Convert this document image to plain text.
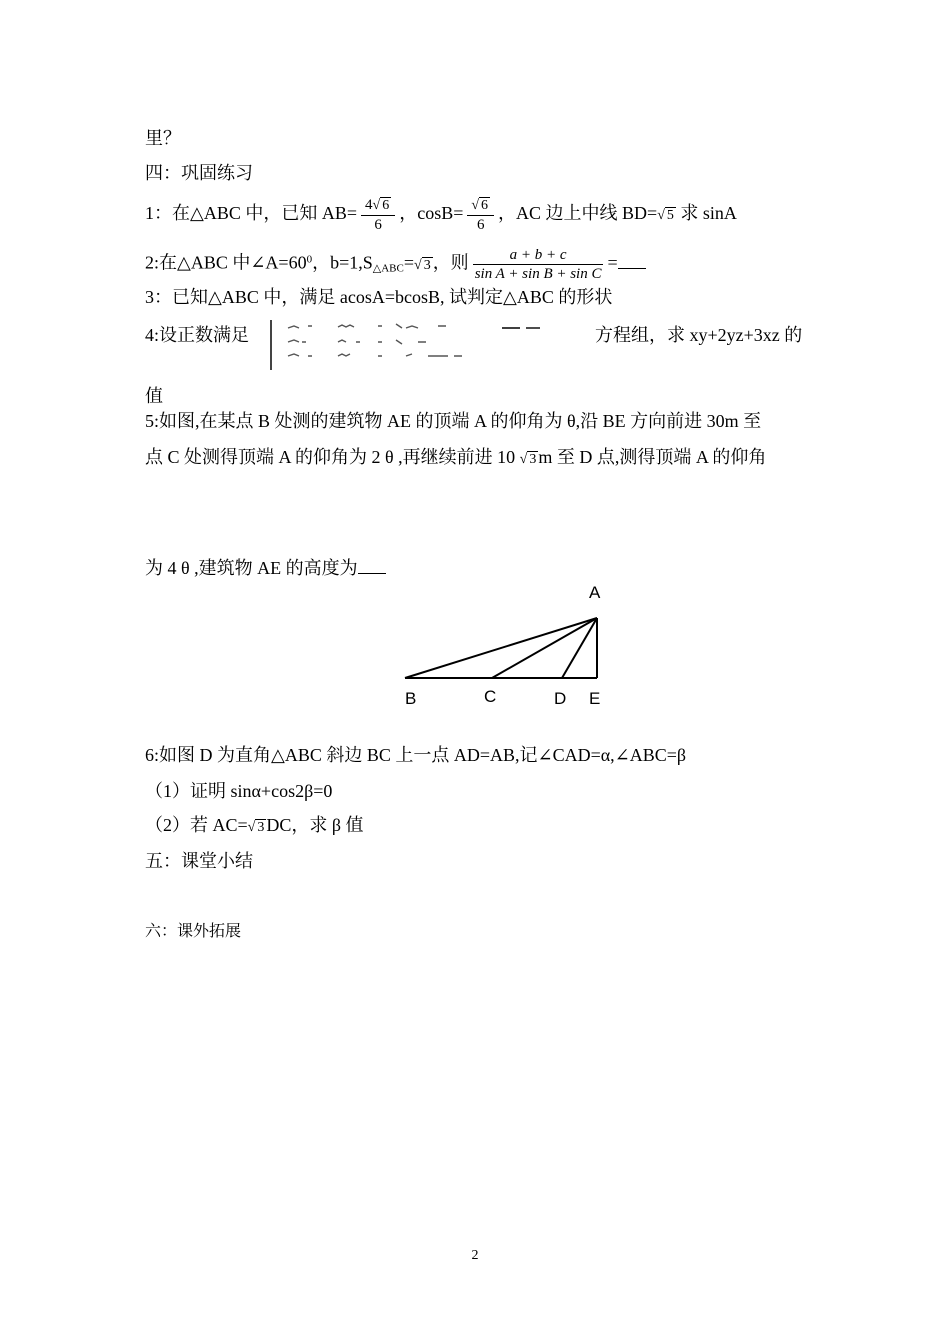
里？
四：巩固练习
1：在△ABC 中，已知 $AB= \frac{4√ 6}{6}$ ，$\cos B= \frac{√ 6}{6}$ ，AC 边上中线 BD=√ 5 求 sinA
2:在△ABC 中$\angle A=60^0$，$b=1,S_{\triangle ABC}=√$ 3 ，则 $\frac{a + b + c}{\text{sin A + sin B + sin C}}$ =
3：已知△ABC 中，满足 acosA=bcosB, 试判定△ABC 的形状
4:设正数满足	方程组，求 xy+2yz+3xz 的
值
5:如图,在某点 B 处测的建筑物 AE 的顶端 A 的仰角为 θ,沿 BE 方向前进 30m 至
点 C 处测得顶端 A 的仰角为 2 θ ,再继续前进 10 √ 3 m 至 D 点,测得顶端 A 的仰角
为 4 θ ,建筑物 AE 的高度为
A
B	C	D E
6:如图 D 为直角△ABC 斜边 BC 上一点 AD=AB,记∠CAD=α,∠ABC=β
（1）证明 sinα+cos2β=0
（2）若 AC=√ 3 DC，求 β 值
五：课堂小结
六：课外拓展
2
